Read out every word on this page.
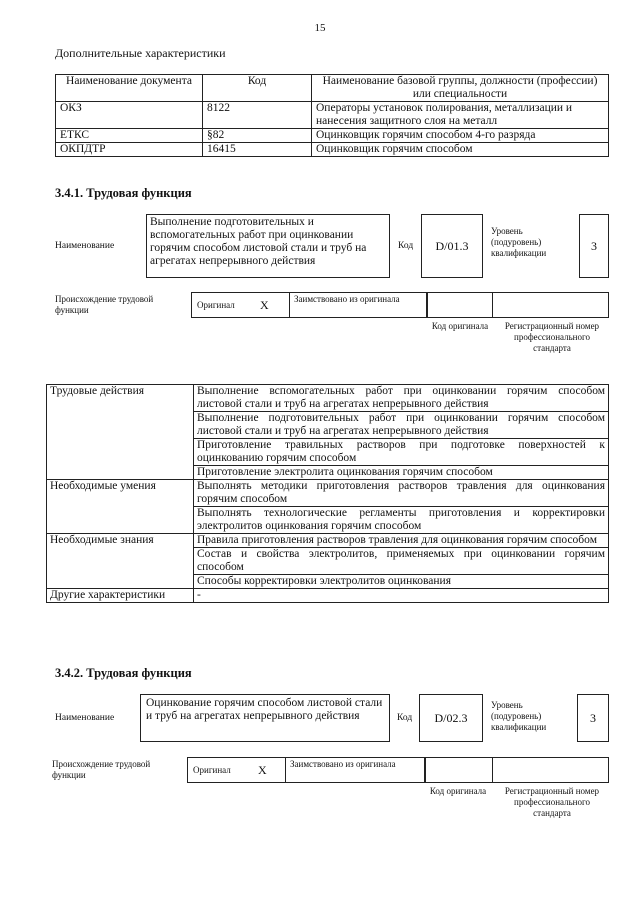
15
Дополнительные характеристики
Наименование документа	Код	Наименование базовой группы, должности (профессии) или специальности
ОКЗ	8122	Операторы установок полирования, металлизации и нанесения защитного слоя на металл
ЕТКС	§82	Оцинковщик горячим способом 4-го разряда
ОКПДТР	16415	Оцинковщик горячим способом
3.4.1. Трудовая функция
Наименование
Выполнение подготовительных и вспомогательных работ при оцинковании горячим способом листовой стали и труб на агрегатах непрерывного действия
Код	D/01.3
Уровень (подуровень) квалификации	3
Происхождение трудовой функции	Оригинал X	Заимствовано из оригинала
Код оригинала	Регистрационный номер профессионального стандарта
Трудовые действия	Выполнение вспомогательных работ при оцинковании горячим способом листовой стали и труб на агрегатах непрерывного действия
	Выполнение подготовительных работ при оцинковании горячим способом листовой стали и труб на агрегатах непрерывного действия
	Приготовление травильных растворов при подготовке поверхностей к оцинкованию горячим способом
	Приготовление электролита оцинкования горячим способом
Необходимые умения	Выполнять методики приготовления растворов травления для оцинкования горячим способом
	Выполнять технологические регламенты приготовления и корректировки электролитов оцинкования горячим способом
Необходимые знания	Правила приготовления растворов травления для оцинкования горячим способом
	Состав и свойства электролитов, применяемых при оцинковании горячим способом
	Способы корректировки электролитов оцинкования
Другие характеристики	-
3.4.2. Трудовая функция
Наименование
Оцинкование горячим способом листовой стали и труб на агрегатах непрерывного действия	Код	D/02.3
Уровень (подуровень) квалификации
3
Происхождение трудовой функции	Оригинал X	Заимствовано из оригинала
Код оригинала	Регистрационный номер профессионального стандарта
